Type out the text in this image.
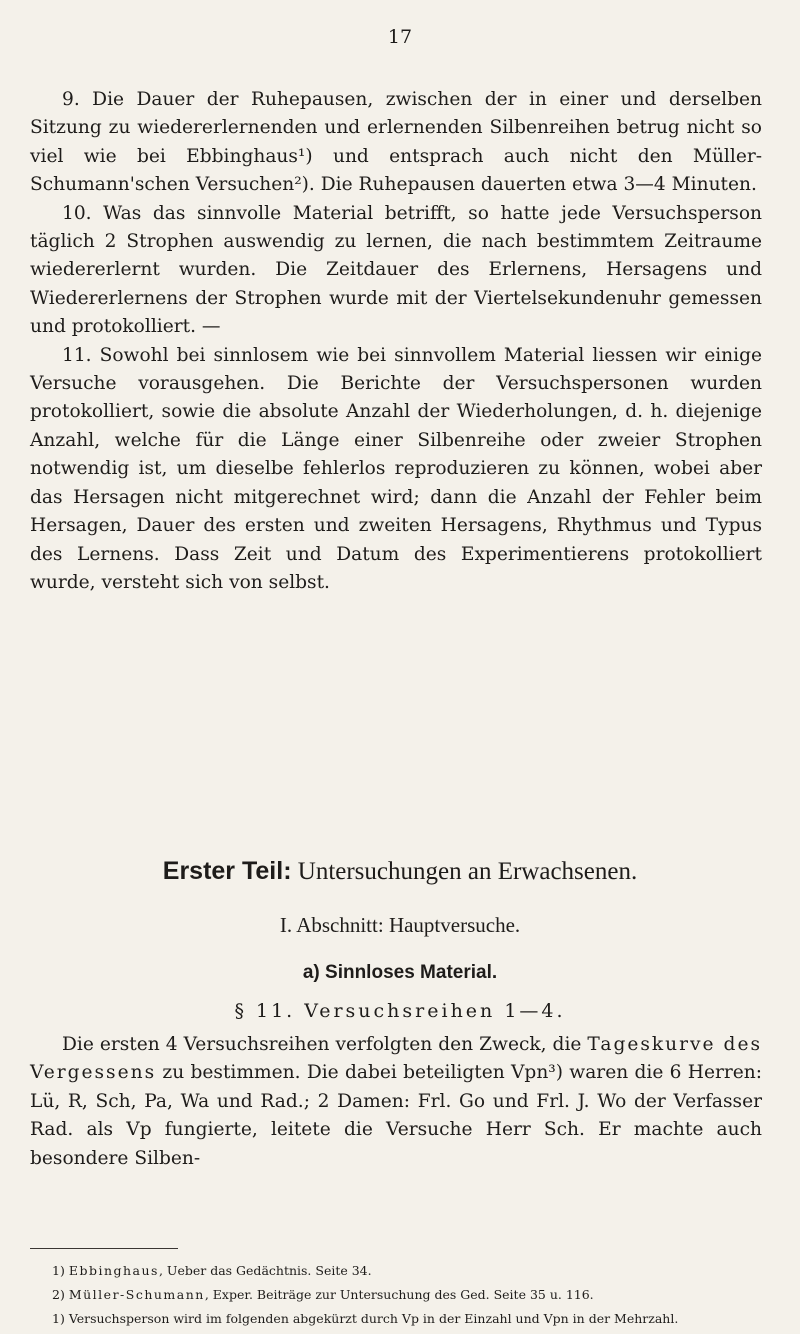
17

9. Die Dauer der Ruhepausen, zwischen der in einer und derselben Sitzung zu wiedererlernenden und erlernenden Silbenreihen betrug nicht so viel wie bei Ebbinghaus¹) und entsprach auch nicht den Müller-Schumann'schen Versuchen²). Die Ruhepausen dauerten etwa 3—4 Minuten.

10. Was das sinnvolle Material betrifft, so hatte jede Versuchsperson täglich 2 Strophen auswendig zu lernen, die nach bestimmtem Zeitraume wiedererlernt wurden. Die Zeitdauer des Erlernens, Hersagens und Wiedererlernens der Strophen wurde mit der Viertelsekundenuhr gemessen und protokolliert. —

11. Sowohl bei sinnlosem wie bei sinnvollem Material liessen wir einige Versuche vorausgehen. Die Berichte der Versuchspersonen wurden protokolliert, sowie die absolute Anzahl der Wiederholungen, d. h. diejenige Anzahl, welche für die Länge einer Silbenreihe oder zweier Strophen notwendig ist, um dieselbe fehlerlos reproduzieren zu können, wobei aber das Hersagen nicht mitgerechnet wird; dann die Anzahl der Fehler beim Hersagen, Dauer des ersten und zweiten Hersagens, Rhythmus und Typus des Lernens. Dass Zeit und Datum des Experimentierens protokolliert wurde, versteht sich von selbst.

Erster Teil: Untersuchungen an Erwachsenen.
I. Abschnitt: Hauptversuche.
a) Sinnloses Material.
§ 11. Versuchsreihen 1—4.

Die ersten 4 Versuchsreihen verfolgten den Zweck, die Tageskurve des Vergessens zu bestimmen. Die dabei beteiligten Vpn³) waren die 6 Herren: Lü, R, Sch, Pa, Wa und Rad.; 2 Damen: Frl. Go und Frl. J. Wo der Verfasser Rad. als Vp fungierte, leitete die Versuche Herr Sch. Er machte auch besondere Silben-

1) Ebbinghaus, Ueber das Gedächtnis. Seite 34.

2) Müller-Schumann, Exper. Beiträge zur Untersuchung des Ged. Seite 35 u. 116.

1) Versuchsperson wird im folgenden abgekürzt durch Vp in der Einzahl und Vpn in der Mehrzahl.
